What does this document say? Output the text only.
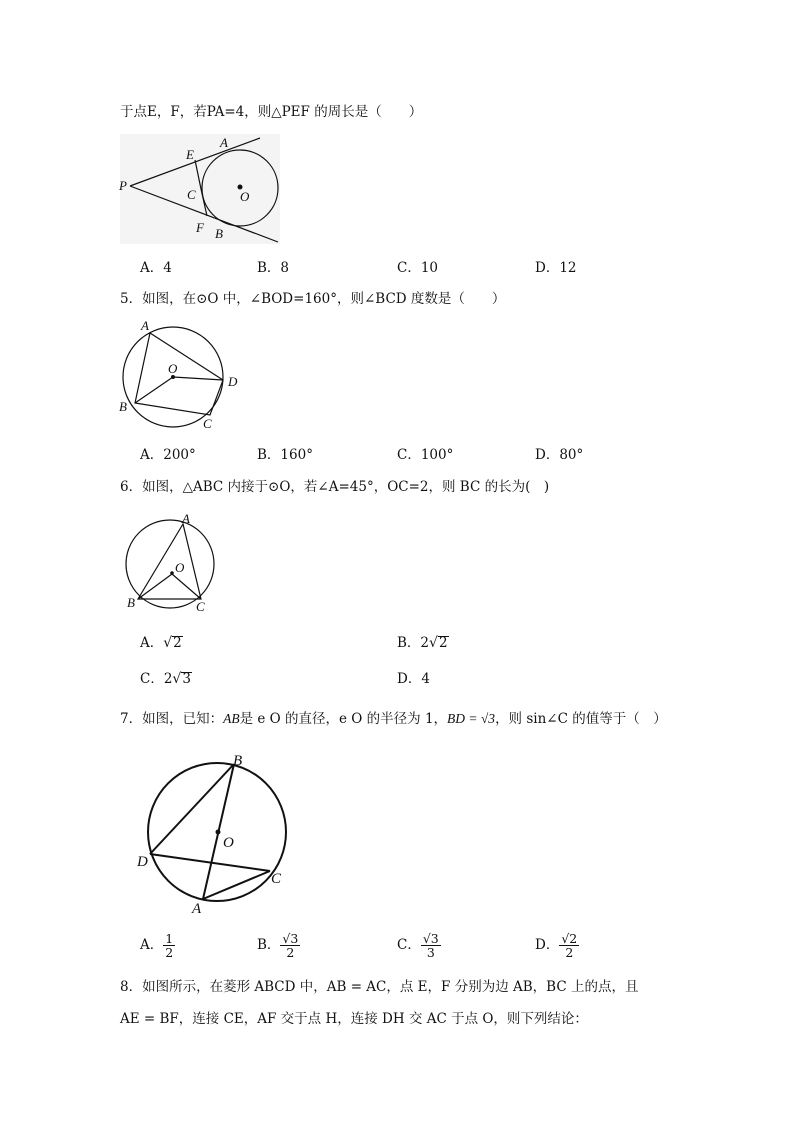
于点E，F，若PA=4，则△PEF 的周长是（　　）
P
A
E
C	O
F B
A．4	B．8	C．10	D．12
5．如图，在⊙O 中，∠BOD=160°，则∠BCD 度数是（　　）
A
O
D
B
C
A．200°	B．160°	C．100°	D．80°
6．如图，△ABC 内接于⊙O，若∠A=45°，OC=2，则 BC 的长为(　)
A
O
B	C
A．√2	B．2√2
C．2√3	D．4
7．如图，已知：AB是 e O 的直径，e O 的半径为 1，BD = √3，则 sin∠C 的值等于（　）
B
O
D
C
A
A． $\frac{1}{2}$	B． $\frac{√3}{2}$	C． $\frac{√3}{3}$	D． $\frac{√2}{2}$
8．如图所示，在菱形 ABCD 中，AB = AC，点 E，F 分别为边 AB，BC 上的点，且
AE = BF，连接 CE，AF 交于点 H，连接 DH 交 AC 于点 O，则下列结论：
